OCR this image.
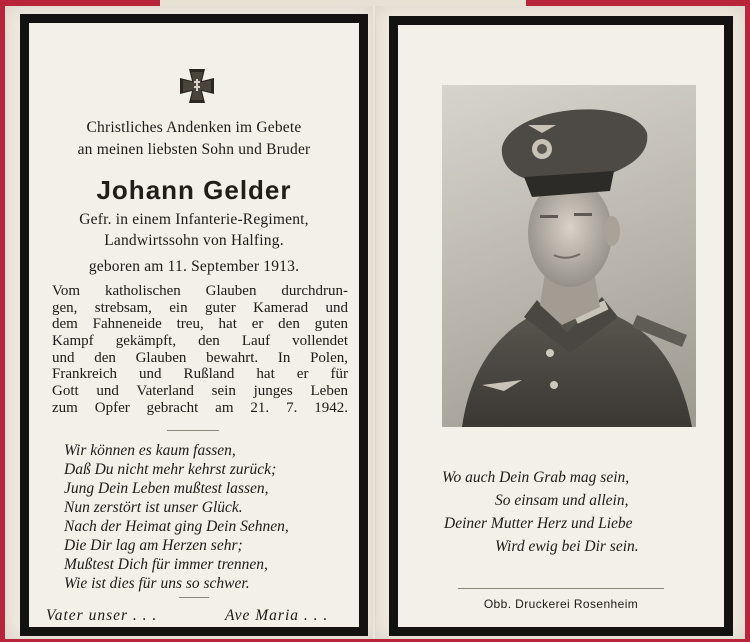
Christliches Andenken im Gebete
an meinen liebsten Sohn und Bruder
Johann Gelder
Gefr. in einem Infanterie-Regiment,
Landwirtssohn von Halfing.
geboren am 11. September 1913.
Vom katholischen Glauben durchdrun-
gen, strebsam, ein guter Kamerad und
dem Fahneneide treu, hat er den guten
Kampf gekämpft, den Lauf vollendet
und den Glauben bewahrt. In Polen,
Frankreich und Rußland hat er für
Gott und Vaterland sein junges Leben
zum Opfer gebracht am 21. 7. 1942.
Wir können es kaum fassen,
Daß Du nicht mehr kehrst zurück;
Jung Dein Leben mußtest lassen,
Nun zerstört ist unser Glück.
Nach der Heimat ging Dein Sehnen,
Die Dir lag am Herzen sehr;
Mußtest Dich für immer trennen,
Wie ist dies für uns so schwer.
Vater unser . . .	Ave Maria . . .
Wo auch Dein Grab mag sein,
So einsam und allein,
Deiner Mutter Herz und Liebe
Wird ewig bei Dir sein.
Obb. Druckerei Rosenheim
